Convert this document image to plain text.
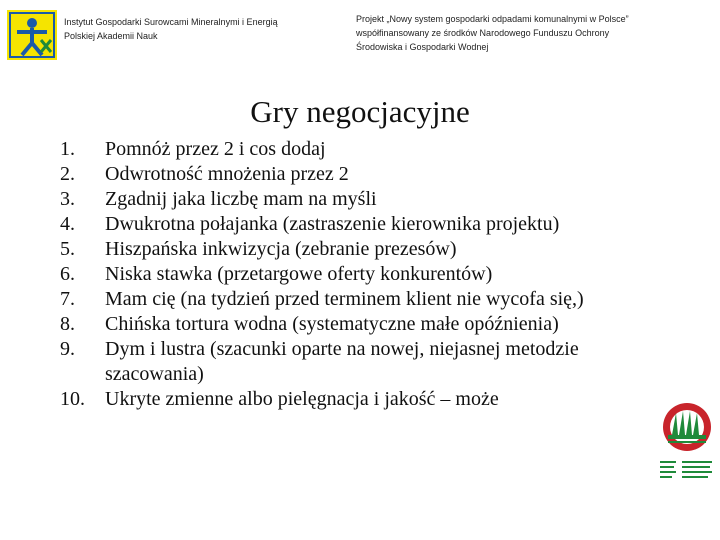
Instytut Gospodarki Surowcami Mineralnymi i Energią
Polskiej Akademii Nauk
Projekt „Nowy system gospodarki odpadami komunalnymi w Polsce”
współfinansowany ze środków Narodowego Funduszu Ochrony
Środowiska i Gospodarki Wodnej
Gry negocjacyjne
1.	Pomnóż przez 2 i cos dodaj
2.	Odwrotność mnożenia przez 2
3.	Zgadnij jaka liczbę mam na myśli
4.	Dwukrotna połajanka (zastraszenie kierownika projektu)
5.	Hiszpańska inkwizycja (zebranie prezesów)
6.	Niska stawka (przetargowe oferty konkurentów)
7.	Mam cię (na tydzień przed terminem klient nie wycofa się,)
8.	Chińska tortura wodna (systematyczne małe opóźnienia)
9.	Dym i lustra (szacunki oparte na nowej, niejasnej metodzie szacowania)
10.	Ukryte zmienne albo pielęgnacja i jakość – może
